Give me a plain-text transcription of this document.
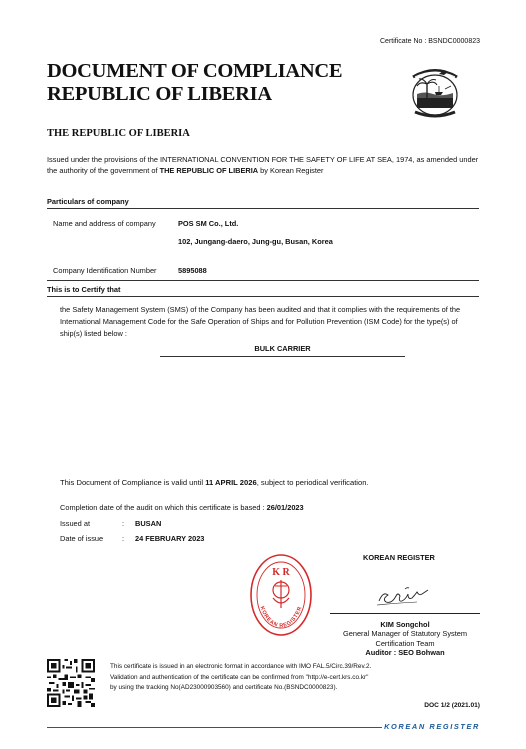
Certificate No : BSNDC0000823
DOCUMENT OF COMPLIANCE
REPUBLIC OF LIBERIA
THE REPUBLIC OF LIBERIA
Issued under the provisions of the INTERNATIONAL CONVENTION FOR THE SAFETY OF LIFE AT SEA, 1974, as amended under the authority of the government of THE REPUBLIC OF LIBERIA by Korean Register
Particulars of company
Name and address of company	POS SM Co., Ltd.
102, Jungang-daero, Jung-gu, Busan, Korea
Company Identification Number	5895088
This is to Certify that
the Safety Management System (SMS) of the Company has been audited and that it complies with the requirements of the International Management Code for the Safe Operation of Ships and for Pollution Prevention (ISM Code) for the type(s) of ship(s) listed below :
BULK CARRIER
This Document of Compliance is valid until 11 APRIL 2026, subject to periodical verification.
Completion date of the audit on which this certificate is based : 26/01/2023
Issued at	: BUSAN
Date of issue	: 24 FEBRUARY 2023
KOREAN REGISTER
K R
KOREAN REGISTER
KIM Songchol
General Manager of Statutory System
Certification Team
Auditor : SEO Bohwan
This certificate is issued in an electronic format in accordance with IMO FAL.5/Circ.39/Rev.2.
Validation and authentication of the certificate can be confirmed from "http://e-cert.krs.co.kr"
by using the tracking No(AD23000903560) and certificate No.(BSNDC0000823).
DOC 1/2 (2021.01)
KOREAN REGISTER
